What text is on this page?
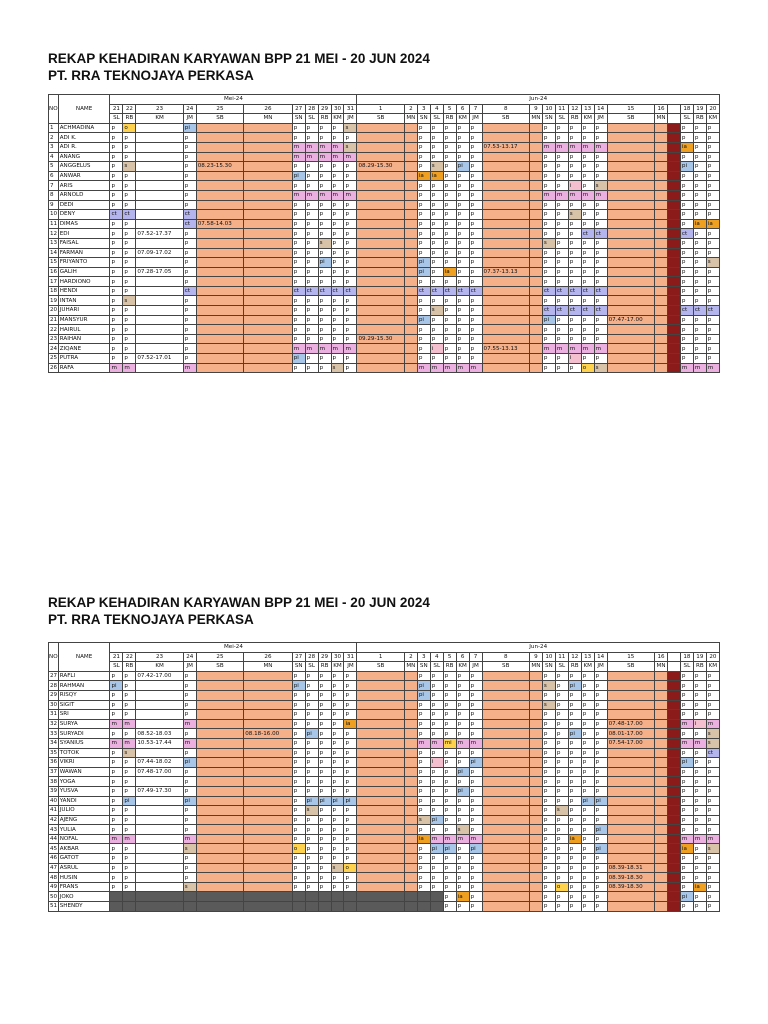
REKAP KEHADIRAN KARYAWAN BPP 21 MEI - 20 JUN 2024
PT. RRA TEKNOJAYA PERKASA
NO	NAME	Mei-24											Jun-24																			
		21	22	23	24	25	26	27	28	29	30	31	1	2	3	4	5	6	7	8	9	10	11	12	13	14	15	16		18	19	20
		SL	RB	KM	JM	SB	MN	SN	SL	RB	KM	JM	SB	MN	SN	SL	RB	KM	JM	SB	MN	SN	SL	RB	KM	JM	SB	MN		SL	RB	KM
1	ACHMADINA	p	o		pi			p	p	p	p	s			p	p	p	p	p			p	p	p	p	p				p	p	p
2	ADI K.	p	p		p			p	p	p	p	p			p	p	p	p	p			p	p	p	p	p				p	p	p
3	ADI R.	p	p		p			m	m	m	m	s			p	p	p	p	p	07.53-13.17		m	m	m	m	m				ia	p	p
4	ANANG	p	p		p			m	m	m	m	m			p	p	p	p	p			p	p	p	p	p				p	p	p
5	ANGGELUS	p	s		p	08.23-15.30		p	p	p	p	p	08.29-15.30		p	s	p	pi	p			p	p	p	p	p				pi	p	p
6	ANWAR	p	p		p			pi	p	p	p	p			ia	ia	p	p	p			p	p	p	p	p				p	p	p
7	ARIS	p	p		p			p	p	p	p	p			p	p	p	p	p			p	p	i	p	s				p	p	p
8	ARNOLD	p	p		p			m	m	m	m	m			p	p	p	p	p			m	m	m	m	m				p	p	p
9	DEDI	p	p		p			p	p	p	p	p			p	p	p	p	p			p	p	p	p	p				p	p	p
10	DENY	ct	ct		ct			p	p	p	p	p			p	p	p	p	p			p	p	s	p	p				p	p	p
11	DIMAS	p	p		ct	07.58-14.03		p	p	p	p	p			p	p	p	p	p			p	p	p	p	p				p	ia	ia
12	EDI	p	p	07.52-17.37	p			p	p	p	p	p			p	p	p	p	p			p	p	p	ct	ct				ct	p	p
13	FAISAL	p	p		p			p	p	s	p	p			p	p	p	p	p			s	p	p	p	p				p	p	p
14	FARMAN	p	p	07.09-17.02	p			p	p	p	p	p			p	p	p	p	p			p	p	p	p	p				p	p	p
15	FRIYANTO	p	p		p			p	p	pi	p	p			pi	p	p	p	p			p	p	p	p	p				p	p	s
16	GALIH	p	p	07.28-17.05	p			p	p	p	p	p			pi	p	ia	p	p	07.37-13.13		p	p	p	p	p				p	p	p
17	HARDIONO	p	p		p			p	p	p	p	p			p	p	p	p	p			p	p	p	p	p				p	p	p
18	HENDI	p	p		ct			ct	ct	ct	ct	ct			ct	ct	ct	ct	ct			ct	ct	ct	ct	ct				p	p	p
19	INTAN	p	s		p			p	p	p	p	p			p	p	p	p	p			p	p	p	p	p				p	p	p
20	JUHARI	p	p		p			p	p	p	p	p			p	s	p	p	p			ct	ct	ct	ct	ct				ct	ct	ct
21	MANSYUR	p	p		p			p	p	p	p	p			pi	p	p	p	p			pi	p	p	p	p	07.47-17.00			p	p	p
22	HAIRUL	p	p		p			p	p	p	p	p			p	p	p	p	p			p	p	p	p	p				p	p	p
23	RAIHAN	p	p		p			p	p	p	p	p	09.29-15.30		p	p	p	p	p			p	p	p	p	p				p	p	p
24	ZIQANE	p	p		p			m	m	m	m	m			p	i	p	p	p	07.55-13.13		m	m	m	m	m				p	p	p
25	PUTRA	p	p	07.52-17.01	p			pi	p	p	p	p			p	p	p	p	p			p	p	i	p	p				p	p	p
26	RAFA	m	m		m			p	p	p	s	p			m	m	m	m	m			p	p	p	o	s				m	m	m
REKAP KEHADIRAN KARYAWAN BPP 21 MEI - 20 JUN 2024
PT. RRA TEKNOJAYA PERKASA
NO	NAME	Mei-24											Jun-24																			
		21	22	23	24	25	26	27	28	29	30	31	1	2	3	4	5	6	7	8	9	10	11	12	13	14	15	16		18	19	20
		SL	RB	KM	JM	SB	MN	SN	SL	RB	KM	JM	SB	MN	SN	SL	RB	KM	JM	SB	MN	SN	SL	RB	KM	JM	SB	MN		SL	RB	KM
27	RAFLI	p	p	07.42-17.00	p			p	p	p	p	p			p	p	p	p	p			p	p	p	p	p				p	p	p
28	RAHMAN	pi	p		p			pi	p	p	p	p			pi	p	p	p	p			s	p	pi	p	p				p	p	p
29	RISQY	p	p		p			p	p	p	p	p			pi	p	p	p	p			p	p	p	p	p				p	p	p
30	SIGIT	p	p		p			p	p	p	p	p			p	p	p	p	p			s	p	p	p	p				p	p	p
31	SRI	p	p		p			p	p	p	p	p			p	p	p	p	p			p	p	p	p	p				p	p	p
32	SURYA	m	m		m			p	p	p	p	ia			p	p	p	p	p			p	p	p	p	p	07.48-17.00			m	i	m
33	SURYADI	p	p	08.52-18.03	p		08.18-16.00	p	pi	p	p	p			p	p	p	p	p			p	p	pi	p	p	08.01-17.00			p	p	s
34	SYANIUS	m	m	10.53-17.44	m			p	p	p	p	p			m	m	mi	m	m			p	p	p	p	p	07.54-17.00			m	m	s
35	TOTOK	p	s		p			p	p	p	p	p			p	p	p	p	p			p	p	p	p	p				p	p	ct
36	VIKRI	p	p	07.44-18.02	pi			p	p	p	p	p			p	i	p	p	pi			p	p	p	p	p				pi	p	p
37	WAWAN	p	p	07.48-17.00	p			p	p	p	p	p			p	p	p	pi	p			p	p	p	p	p				p	p	p
38	YOGA	p	p		p			p	p	p	p	p			p	p	p	p	p			p	p	p	p	p				p	p	p
39	YUSVA	p	p	07.49-17.30	p			p	p	p	p	p			p	p	p	pi	p			p	p	p	p	p				p	p	p
40	YANDI	p	pi		pi			p	pi	pi	pi	pi			p	p	p	p	p			p	p	p	pi	pi				p	p	p
41	JULIO	p	p		p			p	s	p	p	p			p	p	p	p	p			p	s	p	p	p				p	p	p
42	AJENG	p	p		p			p	p	p	p	p			s	pi	p	p	p			p	p	p	p	p				p	p	p
43	YULIA	p	p		p			p	p	p	p	p			p	p	p	s	p			p	p	p	p	pi				p	p	p
44	NOFAL	m	m		m			p	p	p	p	p			ia	m	m	m	m			p	p	ia	p	p				m	m	m
45	AKBAR	p	p		s			o	p	p	p	p			p	pi	pi	p	pi			p	p	p	p	pi				ia	p	s
46	GATOT	p	p		p			p	p	p	p	p			p	p	p	p	p			p	p	p	p	p				p	p	p
47	ASRUL	p	p		p			p	p	p	s	o			p	p	p	p	p			p	p	p	p	p	08.39-18.31			p	p	p
48	HUSIN	p	p		p			p	p	p	p	p			p	p	p	p	p			p	p	p	p	p	08.39-18.30			p	p	p
49	FRANS	p	p		s			p	p	p	p	p			p	p	p	p	p			p	o	p	p	p	08.39-18.30			p	ia	p
50	JOKO																p	ia	p			p	p	p	p	p				pi	p	p
51	SHENDY																p	p	p			p	p	p	p	p				p	p	p
